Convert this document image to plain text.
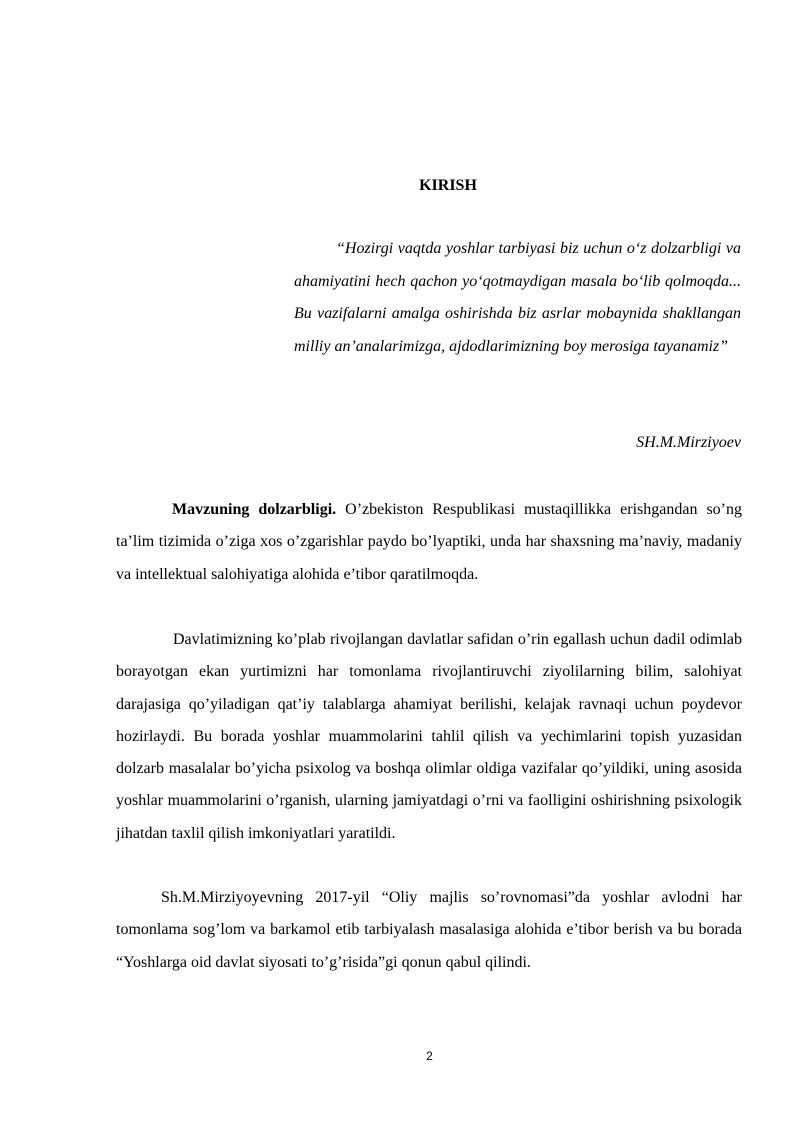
KIRISH
“Hozirgi vaqtda yoshlar tarbiyasi biz uchun o‘z dolzarbligi va ahamiyatini hech qachon yo‘qotmaydigan masala bo‘lib qolmoqda... Bu vazifalarni amalga oshirishda biz asrlar mobaynida shakllangan milliy an’analarimizga, ajdodlarimizning boy merosiga tayanamiz”
SH.M.Mirziyoev

Mavzuning dolzarbligi. O’zbekiston Respublikasi mustaqillikka erishgandan so’ng ta’lim tizimida o’ziga xos o’zgarishlar paydo bo’lyaptiki, unda har shaxsning ma’naviy, madaniy va intellektual salohiyatiga alohida e’tibor qaratilmoqda.

Davlatimizning ko’plab rivojlangan davlatlar safidan o’rin egallash uchun dadil odimlab borayotgan ekan yurtimizni har tomonlama rivojlantiruvchi ziyolilarning bilim, salohiyat darajasiga qo’yiladigan qat’iy talablarga ahamiyat berilishi, kelajak ravnaqi uchun poydevor hozirlaydi. Bu borada yoshlar muammolarini tahlil qilish va yechimlarini topish yuzasidan dolzarb masalalar bo’yicha psixolog va boshqa olimlar oldiga vazifalar qo’yildiki, uning asosida yoshlar muammolarini o’rganish, ularning jamiyatdagi o’rni va faolligini oshirishning psixologik jihatdan taxlil qilish imkoniyatlari yaratildi.

Sh.M.Mirziyoyevning 2017-yil “Oliy majlis so’rovnomasi”da yoshlar avlodni har tomonlama sog’lom va barkamol etib tarbiyalash masalasiga alohida e’tibor berish va bu borada “Yoshlarga oid davlat siyosati to’g’risida”gi qonun qabul qilindi.

2
